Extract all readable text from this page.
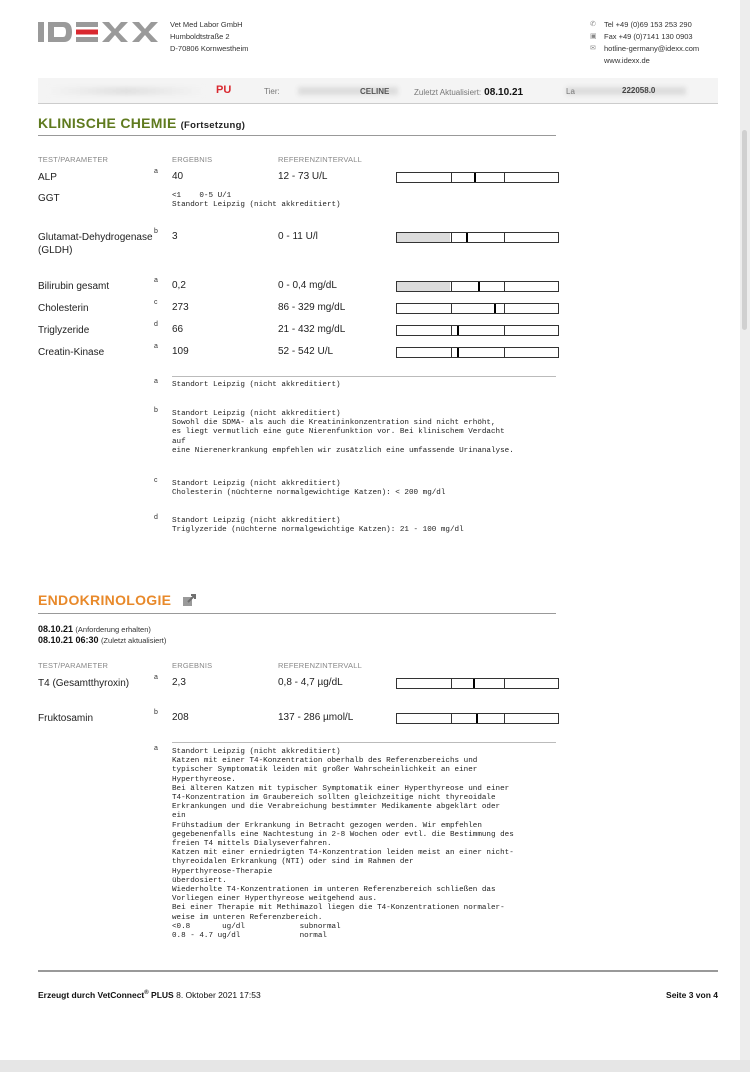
Vet Med Labor GmbH
Humboldtstraße 2
D-70806 Kornwestheim
✆	Tel +49 (0)69 153 253 290
▣ Fax +49 (0)7141 130 0903
✉	hotline-germany@idexx.com
www.idexx.de
PU	Tier:	CELINE	Zuletzt Aktualisiert: 08.10.21	La	222058.0
KLINISCHE CHEMIE (Fortsetzung)
TEST/PARAMETER	ERGEBNIS	REFERENZINTERVALL
ALP
a 40	12 - 73 U/L
GGT	<1    0-5 U/1
Standort Leipzig (nicht akkreditiert)
Glutamat-Dehydrogenase (GLDH)
b 3	0 - 11 U/l
Bilirubin gesamt
a 0,2	0 - 0,4 mg/dL
Cholesterin
c 273	86 - 329 mg/dL
Triglyzeride
d 66	21 - 432 mg/dL
Creatin-Kinase
a 109	52 - 542 U/L
a Standort Leipzig (nicht akkreditiert)
b Standort Leipzig (nicht akkreditiert)
Sowohl die SDMA- als auch die Kreatininkonzentration sind nicht erhöht,
es liegt vermutlich eine gute Nierenfunktion vor. Bei klinischem Verdacht
auf
eine Nierenerkrankung empfehlen wir zusätzlich eine umfassende Urinanalyse.
c Standort Leipzig (nicht akkreditiert)
Cholesterin (nüchterne normalgewichtige Katzen): < 200 mg/dl
d Standort Leipzig (nicht akkreditiert)
Triglyzeride (nüchterne normalgewichtige Katzen): 21 - 100 mg/dl
ENDOKRINOLOGIE
08.10.21 (Anforderung erhalten)
08.10.21 06:30 (Zuletzt aktualisiert)
TEST/PARAMETER	ERGEBNIS	REFERENZINTERVALL
T4 (Gesamtthyroxin)
a 2,3	0,8 - 4,7 µg/dL
Fruktosamin
b 208	137 - 286 µmol/L
a Standort Leipzig (nicht akkreditiert)
Katzen mit einer T4-Konzentration oberhalb des Referenzbereichs und
typischer Symptomatik leiden mit großer Wahrscheinlichkeit an einer
Hyperthyreose.
Bei älteren Katzen mit typischer Symptomatik einer Hyperthyreose und einer
T4-Konzentration im Graubereich sollten gleichzeitige nicht thyreoidale
Erkrankungen und die Verabreichung bestimmter Medikamente abgeklärt oder
ein
Frühstadium der Erkrankung in Betracht gezogen werden. Wir empfehlen
gegebenenfalls eine Nachtestung in 2-8 Wochen oder evtl. die Bestimmung des
freien T4 mittels Dialyseverfahren.
Katzen mit einer erniedrigten T4-Konzentration leiden meist an einer nicht-
thyreoidalen Erkrankung (NTI) oder sind im Rahmen der
Hyperthyreose-Therapie
überdosiert.
Wiederholte T4-Konzentrationen im unteren Referenzbereich schließen das
Vorliegen einer Hyperthyreose weitgehend aus.
Bei einer Therapie mit Methimazol liegen die T4-Konzentrationen normaler-
weise im unteren Referenzbereich.
<0.8       ug/dl            subnormal
0.8 - 4.7 ug/dl             normal
Erzeugt durch VetConnect® PLUS 8. Oktober 2021 17:53	Seite 3 von 4
